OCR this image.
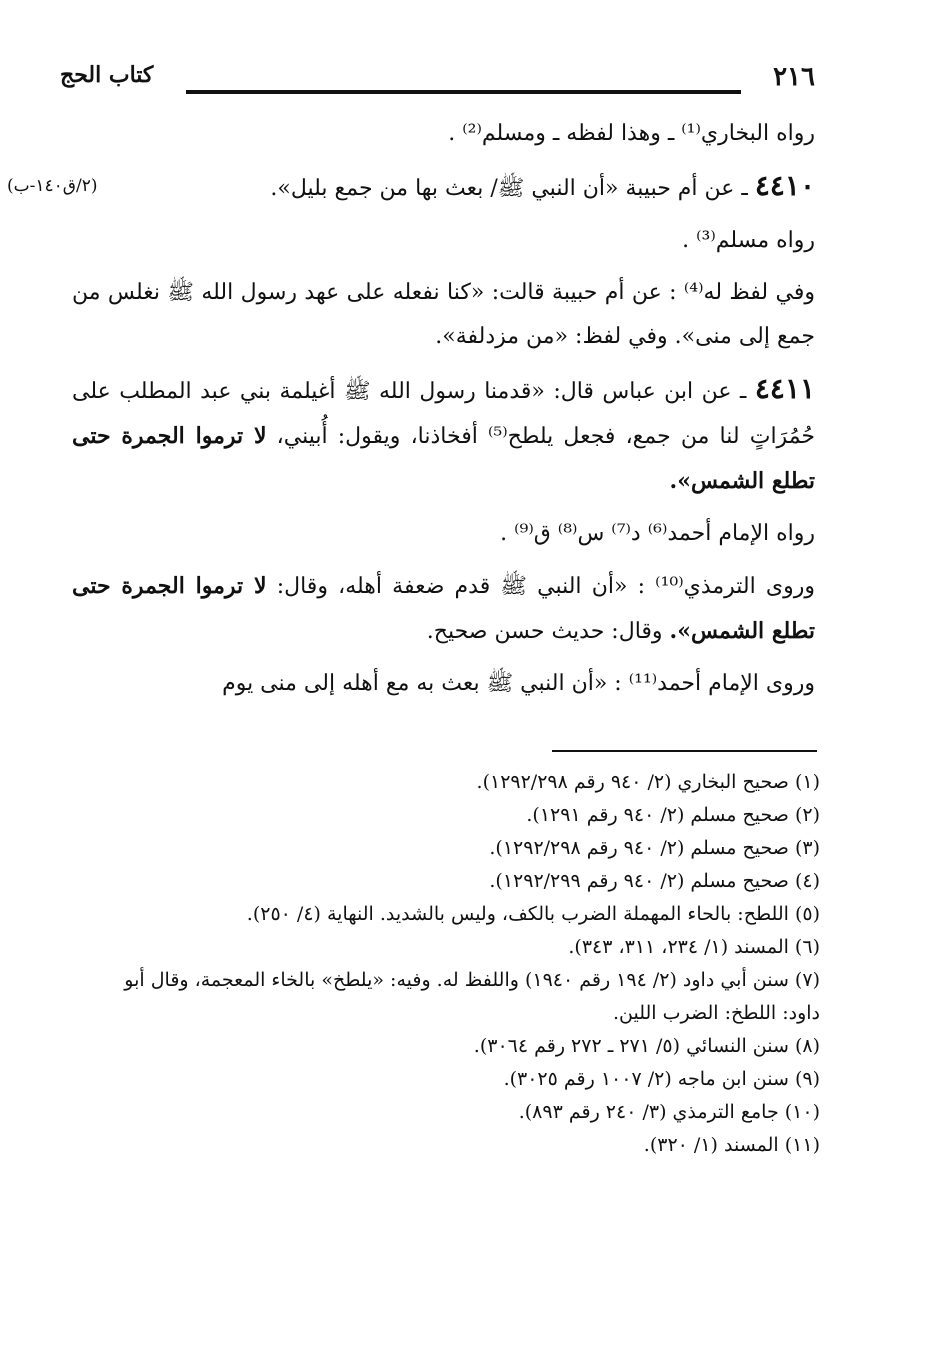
٢١٦
كتاب الحج

رواه البخاري⁽¹⁾ ـ وهذا لفظه ـ ومسلم⁽²⁾ .

(٢/ق١٤٠-ب)	٤٤١٠ ـ عن أم حبيبة «أن النبي ﷺ/ بعث بها من جمع بليل».

رواه مسلم⁽³⁾ .

وفي لفظ له⁽⁴⁾ : عن أم حبيبة قالت: «كنا نفعله على عهد رسول الله ﷺ نغلس من جمع إلى منى». وفي لفظ: «من مزدلفة».

٤٤١١ ـ عن ابن عباس قال: «قدمنا رسول الله ﷺ أغيلمة بني عبد المطلب على حُمُرَاتٍ لنا من جمع، فجعل يلطح⁽⁵⁾ أفخاذنا، ويقول: أُبيني، لا ترموا الجمرة حتى تطلع الشمس».

رواه الإمام أحمد⁽⁶⁾ د⁽⁷⁾ س⁽⁸⁾ ق⁽⁹⁾ .

وروى الترمذي⁽¹⁰⁾ : «أن النبي ﷺ قدم ضعفة أهله، وقال: لا ترموا الجمرة حتى تطلع الشمس». وقال: حديث حسن صحيح.

وروى الإمام أحمد⁽¹¹⁾ : «أن النبي ﷺ بعث به مع أهله إلى منى يوم

(١) صحيح البخاري (٢/ ٩٤٠ رقم ١٢٩٢/٢٩٨).

(٢) صحيح مسلم (٢/ ٩٤٠ رقم ١٢٩١).

(٣) صحيح مسلم (٢/ ٩٤٠ رقم ١٢٩٢/٢٩٨).

(٤) صحيح مسلم (٢/ ٩٤٠ رقم ١٢٩٢/٢٩٩).

(٥) اللطح: بالحاء المهملة الضرب بالكف، وليس بالشديد. النهاية (٤/ ٢٥٠).

(٦) المسند (١/ ٢٣٤، ٣١١، ٣٤٣).

(٧) سنن أبي داود (٢/ ١٩٤ رقم ١٩٤٠) واللفظ له. وفيه: «يلطخ» بالخاء المعجمة، وقال أبو داود: اللطخ: الضرب اللين.

(٨) سنن النسائي (٥/ ٢٧١ ـ ٢٧٢ رقم ٣٠٦٤).

(٩) سنن ابن ماجه (٢/ ١٠٠٧ رقم ٣٠٢٥).

(١٠) جامع الترمذي (٣/ ٢٤٠ رقم ٨٩٣).

(١١) المسند (١/ ٣٢٠).
